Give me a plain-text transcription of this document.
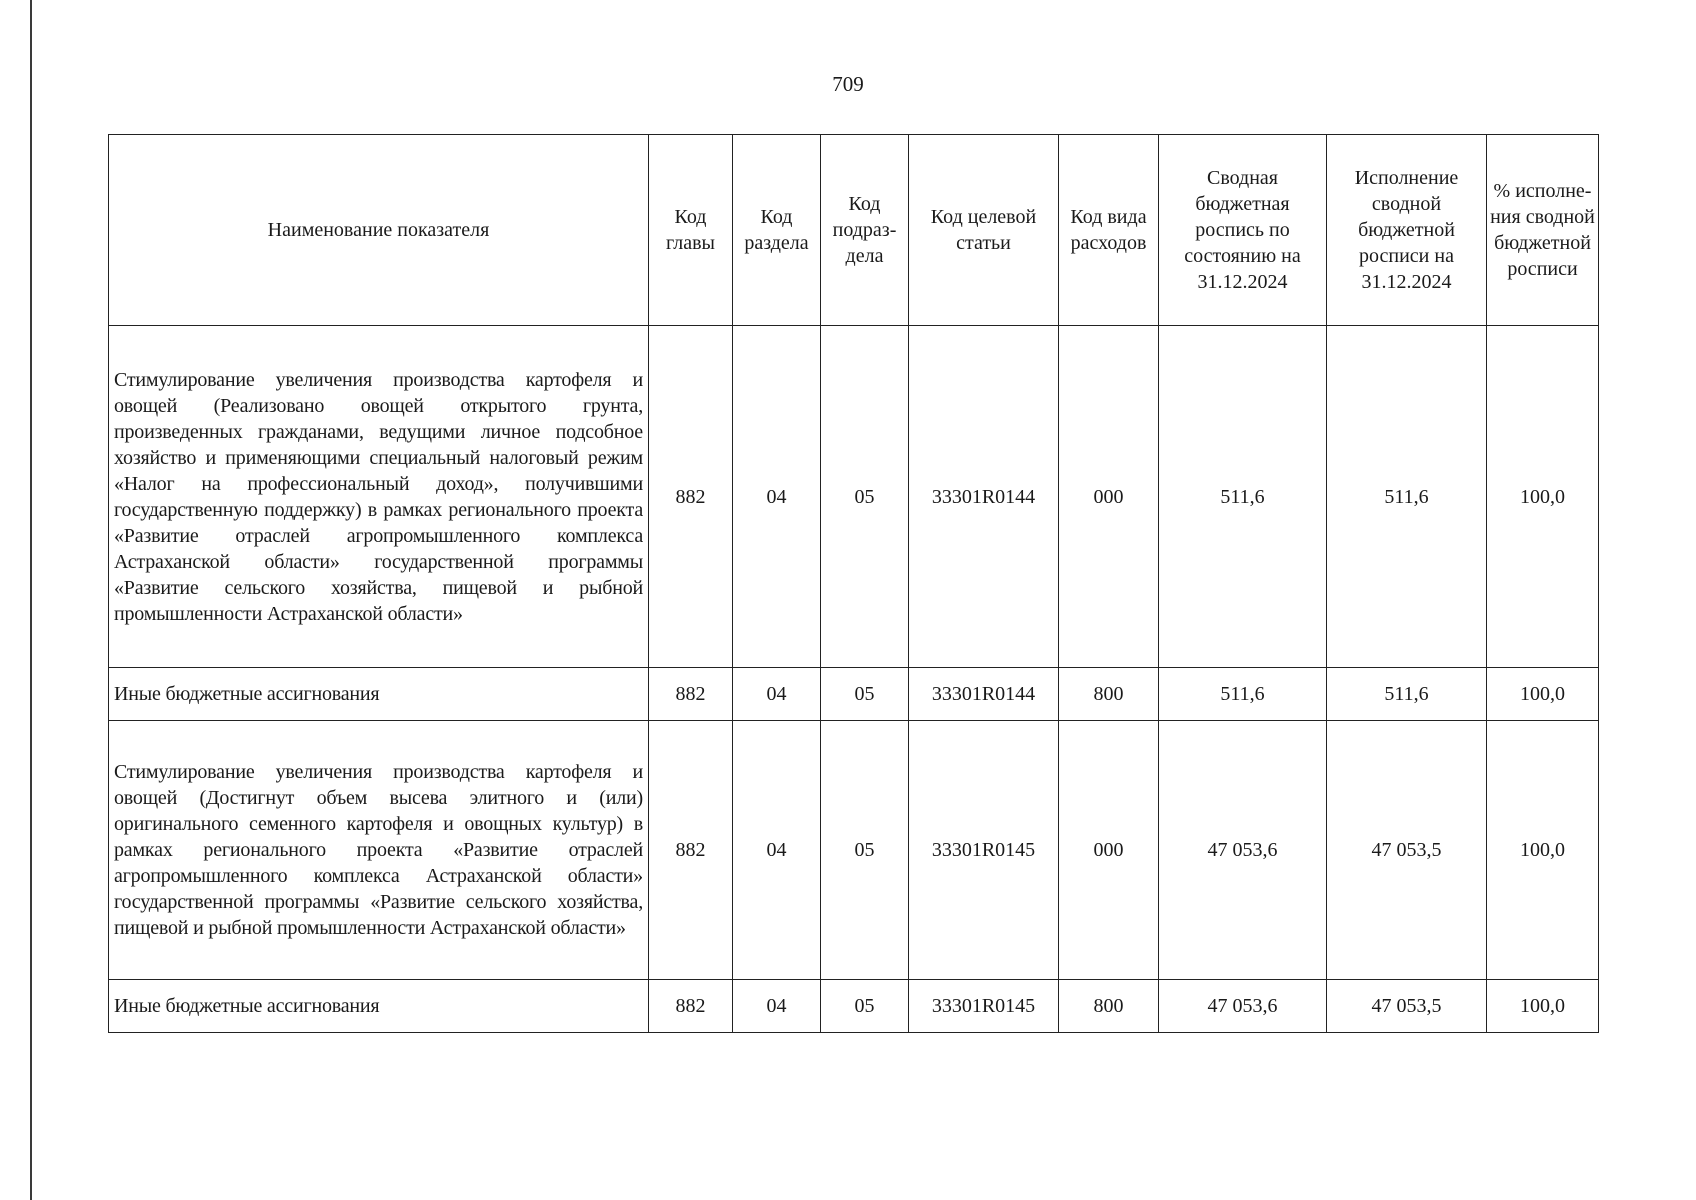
709
Наименование показателя	Код главы	Код раздела	Код подраздела	Код целевой статьи	Код вида расходов	Сводная бюджетная роспись по состоянию на 31.12.2024	Исполнение сводной бюджетной росписи на 31.12.2024	% исполнения сводной бюджетной росписи
Стимулирование увеличения производства картофеля и овощей (Реализовано овощей открытого грунта, произведенных гражданами, ведущими личное подсобное хозяйство и применяющими специальный налоговый режим «Налог на профессиональный доход», получившими государственную поддержку) в рамках регионального проекта «Развитие отраслей агропромышленного комплекса Астраханской области» государственной программы «Развитие сельского хозяйства, пищевой и рыбной промышленности Астраханской области»	882	04	05	33301R0144	000	511,6	511,6	100,0
Иные бюджетные ассигнования	882	04	05	33301R0144	800	511,6	511,6	100,0
Стимулирование увеличения производства картофеля и овощей (Достигнут объем высева элитного и (или) оригинального семенного картофеля и овощных культур) в рамках регионального проекта «Развитие отраслей агропромышленного комплекса Астраханской области» государственной программы «Развитие сельского хозяйства, пищевой и рыбной промышленности Астраханской области»	882	04	05	33301R0145	000	47 053,6	47 053,5	100,0
Иные бюджетные ассигнования	882	04	05	33301R0145	800	47 053,6	47 053,5	100,0
